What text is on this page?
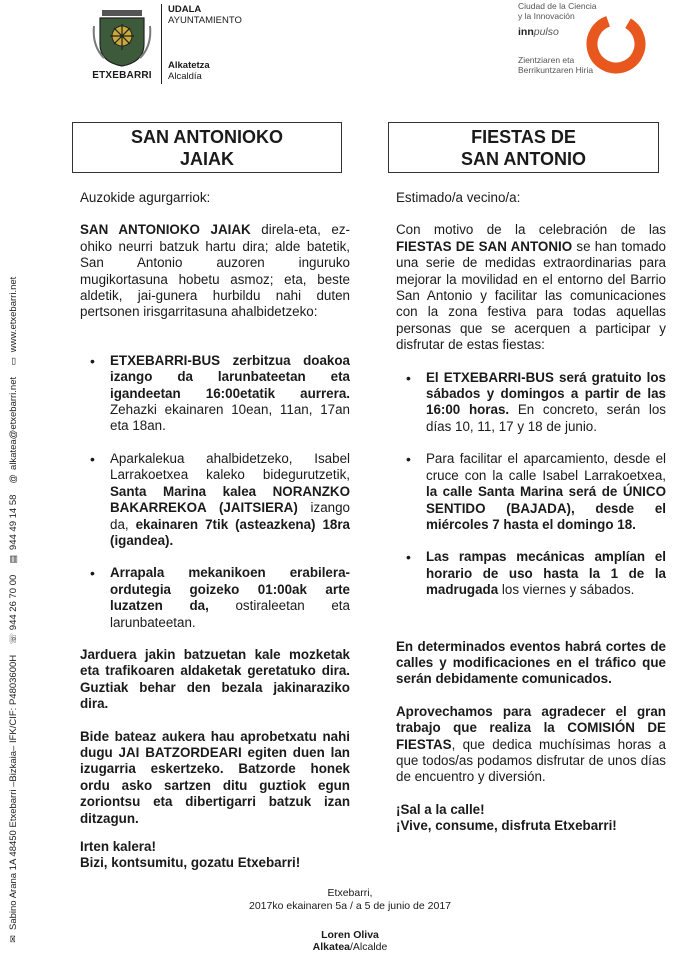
ETXEBARRI
UDALA
AYUNTAMIENTO
Alkatetza
Alcaldía
Ciudad de la Ciencia
y la Innovación
innpulso
Zientziaren eta
Berrikuntzaren Hiria
✉Sabino Arana 1A 48450 Etxebarri –Bizkaia– IFK/CIF: P4803600H ☏944 26 70 00 ▤944 49 14 58 @alkatea@etxebarri.net ▭www.etxebarri.net
SAN ANTONIOKO
JAIAK
FIESTAS DE
SAN ANTONIO

Auzokide agurgarriok:

SAN ANTONIOKO JAIAK direla-eta, ez-ohiko neurri batzuk hartu dira; alde batetik, San Antonio auzoren inguruko mugikortasuna hobetu asmoz; eta, beste aldetik, jai-gunera hurbildu nahi duten pertsonen irisgarritasuna ahalbidetzeko:

• ETXEBARRI-BUS zerbitzua doakoa izango da larunbateetan eta igandeetan 16:00etatik aurrera. Zehazki ekainaren 10ean, 11an, 17an eta 18an.
• Aparkalekua ahalbidetzeko, Isabel Larrakoetxea kaleko bidegurutzetik, Santa Marina kalea NORANZKO BAKARREKOA (JAITSIERA) izango da, ekainaren 7tik (asteazkena) 18ra (igandea).
• Arrapala mekanikoen erabilera-ordutegia goizeko 01:00ak arte luzatzen da, ostiraleetan eta larunbateetan.

Jarduera jakin batzuetan kale mozketak eta trafikoaren aldaketak geretatuko dira. Guztiak behar den bezala jakinaraziko dira.

Bide bateaz aukera hau aprobetxatu nahi dugu JAI BATZORDEARI egiten duen lan izugarria eskertzeko. Batzorde honek ordu asko sartzen ditu guztiok egun zoriontsu eta dibertigarri batzuk izan ditzagun.

Irten kalera!
Bizi, kontsumitu, gozatu Etxebarri!

Estimado/a vecino/a:

Con motivo de la celebración de las FIESTAS DE SAN ANTONIO se han tomado una serie de medidas extraordinarias para mejorar la movilidad en el entorno del Barrio San Antonio y facilitar las comunicaciones con la zona festiva para todas aquellas personas que se acerquen a participar y disfrutar de estas fiestas:

• El ETXEBARRI-BUS será gratuito los sábados y domingos a partir de las 16:00 horas. En concreto, serán los días 10, 11, 17 y 18 de junio.
• Para facilitar el aparcamiento, desde el cruce con la calle Isabel Larrakoetxea, la calle Santa Marina será de ÚNICO SENTIDO (BAJADA), desde el miércoles 7 hasta el domingo 18.
• Las rampas mecánicas amplían el horario de uso hasta la 1 de la madrugada los viernes y sábados.

En determinados eventos habrá cortes de calles y modificaciones en el tráfico que serán debidamente comunicados.

Aprovechamos para agradecer el gran trabajo que realiza la COMISIÓN DE FIESTAS, que dedica muchísimas horas a que todos/as podamos disfrutar de unos días de encuentro y diversión.

¡Sal a la calle!
¡Vive, consume, disfruta Etxebarri!

Etxebarri,
2017ko ekainaren 5a / a 5 de junio de 2017
Loren Oliva
Alkatea/Alcalde
